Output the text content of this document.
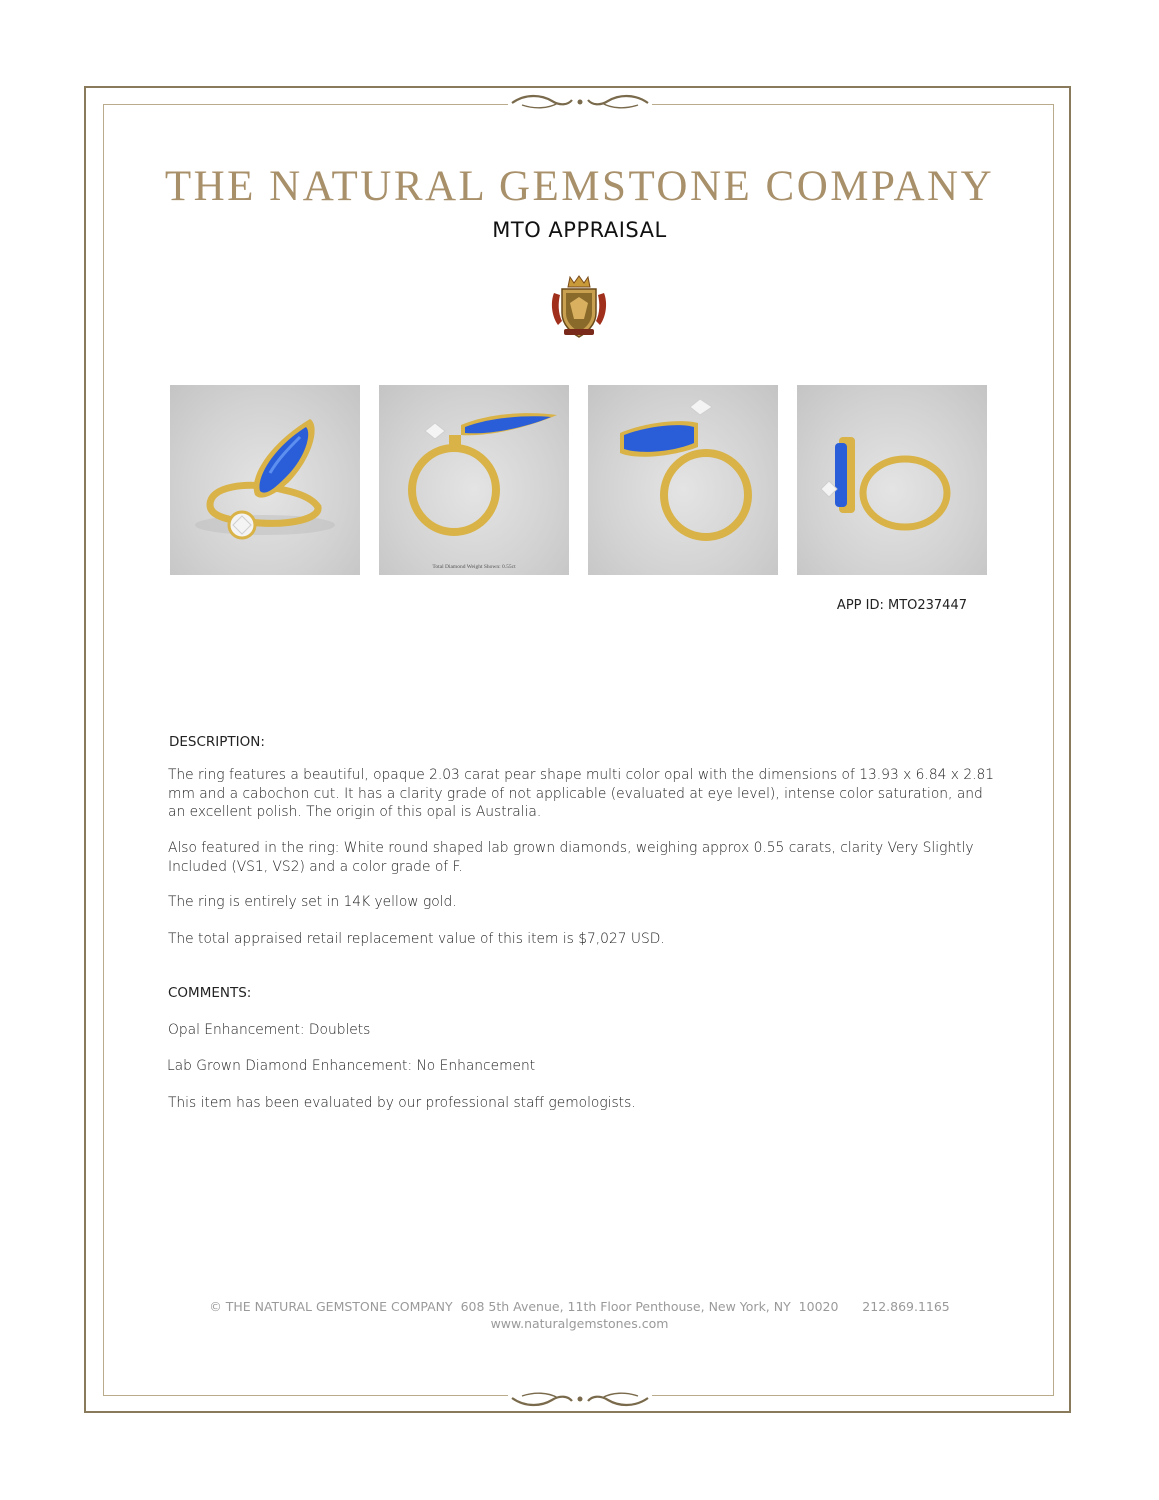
THE NATURAL GEMSTONE COMPANY
MTO APPRAISAL
Total Diamond Weight Shown: 0.55ct
APP ID: MTO237447
DESCRIPTION:
The ring features a beautiful, opaque 2.03 carat pear shape multi color opal with the dimensions of 13.93 x 6.84 x 2.81 mm and a cabochon cut. It has a clarity grade of not applicable (evaluated at eye level), intense color saturation, and an excellent polish. The origin of this opal is Australia.
Also featured in the ring: White round shaped lab grown diamonds, weighing approx 0.55 carats, clarity Very Slightly Included (VS1, VS2) and a color grade of F.
The ring is entirely set in 14K yellow gold.
The total appraised retail replacement value of this item is $7,027 USD.
COMMENTS:
Opal Enhancement: Doublets
Lab Grown Diamond Enhancement: No Enhancement
This item has been evaluated by our professional staff gemologists.
© THE NATURAL GEMSTONE COMPANY  608 5th Avenue, 11th Floor Penthouse, New York, NY  10020      212.869.1165
www.naturalgemstones.com
